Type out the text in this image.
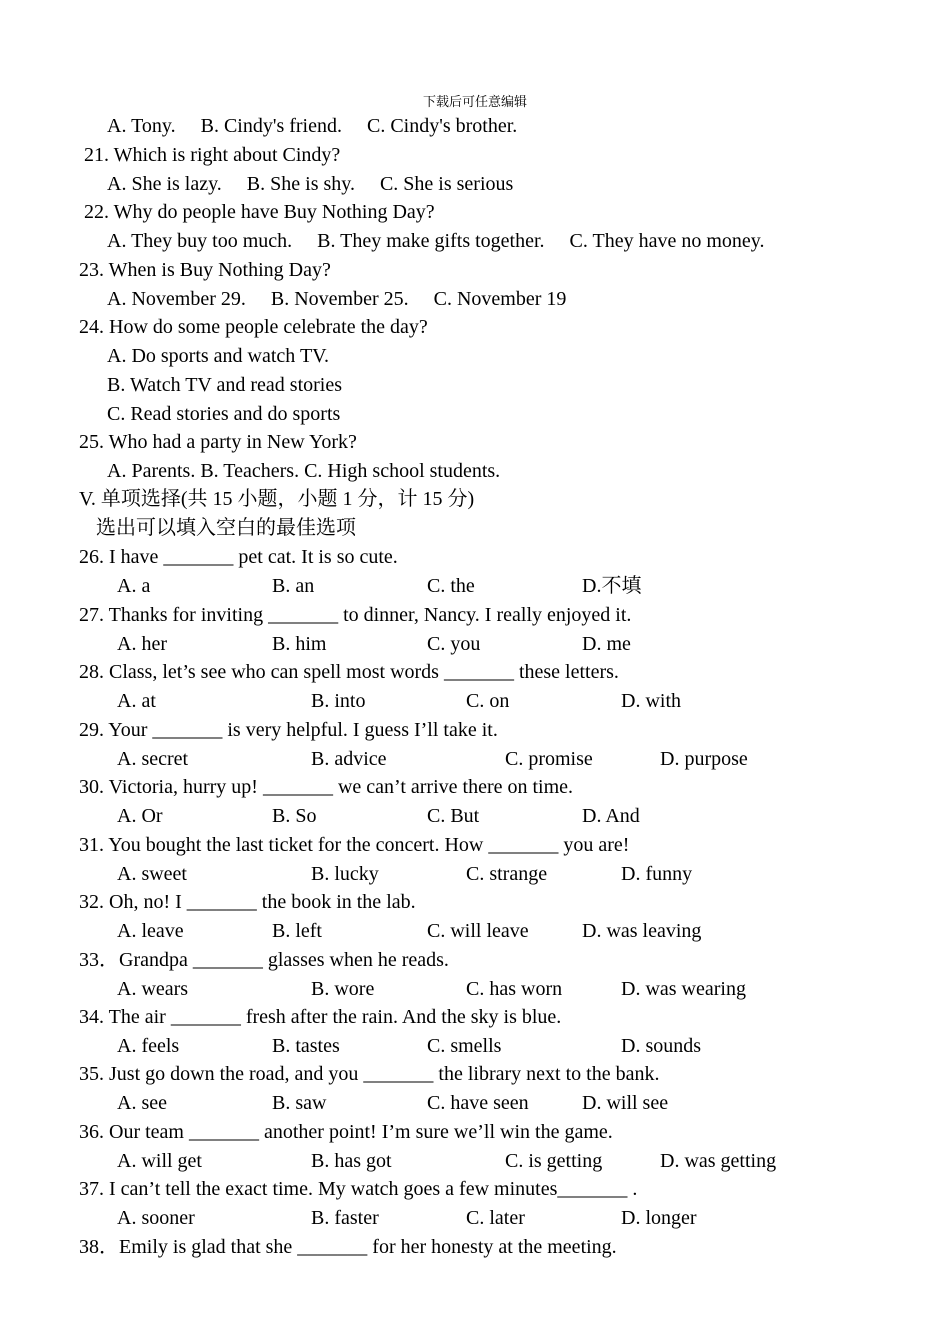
下载后可任意编辑
A. Tony.     B. Cindy's friend.     C. Cindy's brother.
21. Which is right about Cindy?
A. She is lazy.     B. She is shy.     C. She is serious
22. Why do people have Buy Nothing Day?
A. They buy too much.     B. They make gifts together.     C. They have no money.
23. When is Buy Nothing Day?
A. November 29.     B. November 25.     C. November 19
24. How do some people celebrate the day?
A. Do sports and watch TV.
B. Watch TV and read stories
C. Read stories and do sports
25. Who had a party in New York?
A. Parents. B. Teachers. C. High school students.
V. 单项选择(共 15 小题，小题 1 分，计 15 分)
选出可以填入空白的最佳选项
26. I have _______ pet cat. It is so cute.
A. a	B. an	C. the	D.不填
27. Thanks for inviting _______ to dinner, Nancy. I really enjoyed it.
A. her	B. him	C. you	D. me
28. Class, let’s see who can spell most words _______ these letters.
A. at	B. into	C. on	D. with
29. Your _______ is very helpful. I guess I’ll take it.
A. secret	B. advice	C. promise	D. purpose
30. Victoria, hurry up! _______ we can’t arrive there on time.
A. Or	B. So	C. But	D. And
31. You bought the last ticket for the concert. How _______ you are!
A. sweet	B. lucky	C. strange	D. funny
32. Oh, no! I _______ the book in the lab.
A. leave	B. left	C. will leave	D. was leaving
33．Grandpa _______ glasses when he reads.
A. wears	B. wore	C. has worn	D. was wearing
34. The air _______ fresh after the rain. And the sky is blue.
A. feels	B. tastes	C. smells	D. sounds
35. Just go down the road, and you _______ the library next to the bank.
A. see	B. saw	C. have seen	D. will see
36. Our team _______ another point! I’m sure we’ll win the game.
A. will get	B. has got	C. is getting	D. was getting
37. I can’t tell the exact time. My watch goes a few minutes_______ .
A. sooner	B. faster	C. later	D. longer
38．Emily is glad that she _______ for her honesty at the meeting.
